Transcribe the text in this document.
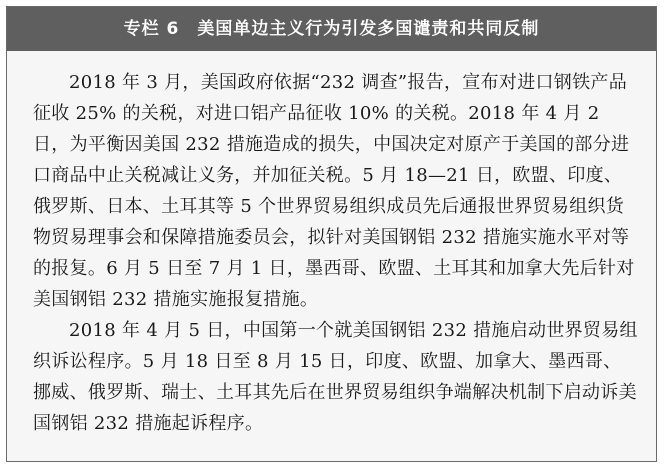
专栏 6 美国单边主义行为引发多国谴责和共同反制

2018 年 3 月，美国政府依据“232 调查”报告，宣布对进口钢铁产品征收 25% 的关税，对进口铝产品征收 10% 的关税。2018 年 4 月 2 日，为平衡因美国 232 措施造成的损失，中国决定对原产于美国的部分进口商品中止关税减让义务，并加征关税。5 月 18—21 日，欧盟、印度、俄罗斯、日本、土耳其等 5 个世界贸易组织成员先后通报世界贸易组织货物贸易理事会和保障措施委员会，拟针对美国钢铝 232 措施实施水平对等的报复。6 月 5 日至 7 月 1 日，墨西哥、欧盟、土耳其和加拿大先后针对美国钢铝 232 措施实施报复措施。

2018 年 4 月 5 日，中国第一个就美国钢铝 232 措施启动世界贸易组织诉讼程序。5 月 18 日至 8 月 15 日，印度、欧盟、加拿大、墨西哥、挪威、俄罗斯、瑞士、土耳其先后在世界贸易组织争端解决机制下启动诉美国钢铝 232 措施起诉程序。
